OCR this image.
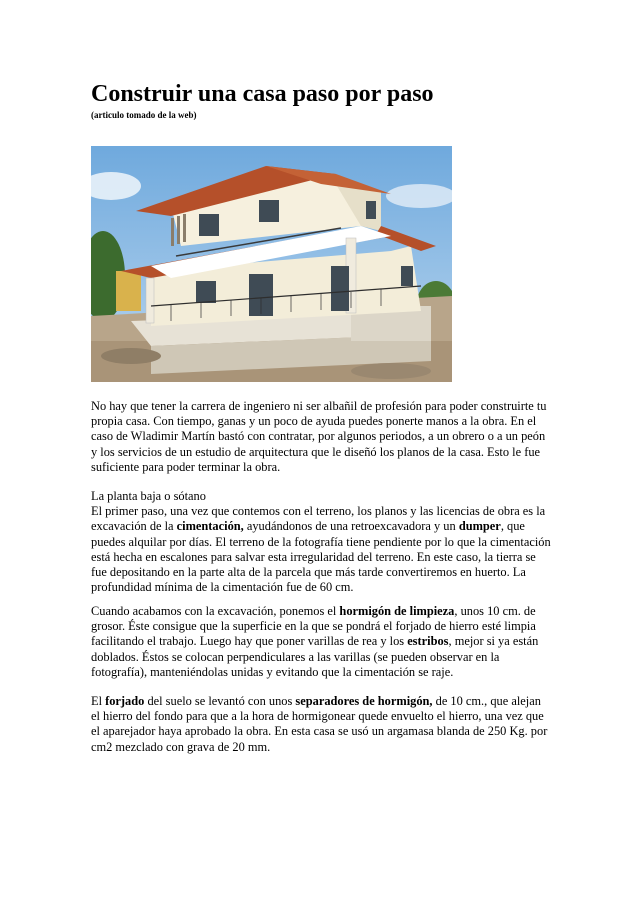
Construir una casa paso por paso
(articulo tomado de la web)

No hay que tener la carrera de ingeniero ni ser albañil de profesión para poder construirte tu propia casa. Con tiempo, ganas y un poco de ayuda puedes ponerte manos a la obra. En el caso de Wladimir Martín bastó con contratar, por algunos periodos, a un obrero o a un peón y los servicios de un estudio de arquitectura que le diseñó los planos de la casa. Esto le fue suficiente para poder terminar la obra.

La planta baja o sótano
El primer paso, una vez que contemos con el terreno, los planos y las licencias de obra es la excavación de la cimentación, ayudándonos de una retroexcavadora y un dumper, que puedes alquilar por días. El terreno de la fotografía tiene pendiente por lo que la cimentación está hecha en escalones para salvar esta irregularidad del terreno. En este caso, la tierra se fue depositando en la parte alta de la parcela que más tarde convertiremos en huerto. La profundidad mínima de la cimentación fue de 60 cm.

Cuando acabamos con la excavación, ponemos el hormigón de limpieza, unos 10 cm. de grosor. Éste consigue que la superficie en la que se pondrá el forjado de hierro esté limpia facilitando el trabajo. Luego hay que poner varillas de rea y los estribos, mejor si ya están doblados. Éstos se colocan perpendiculares a las varillas (se pueden observar en la fotografía), manteniéndolas unidas y evitando que la cimentación se raje.

El forjado del suelo se levantó con unos separadores de hormigón, de 10 cm., que alejan el hierro del fondo para que a la hora de hormigonear quede envuelto el hierro, una vez que el aparejador haya aprobado la obra. En esta casa se usó un argamasa blanda de 250 Kg. por cm2 mezclado con grava de 20 mm.
